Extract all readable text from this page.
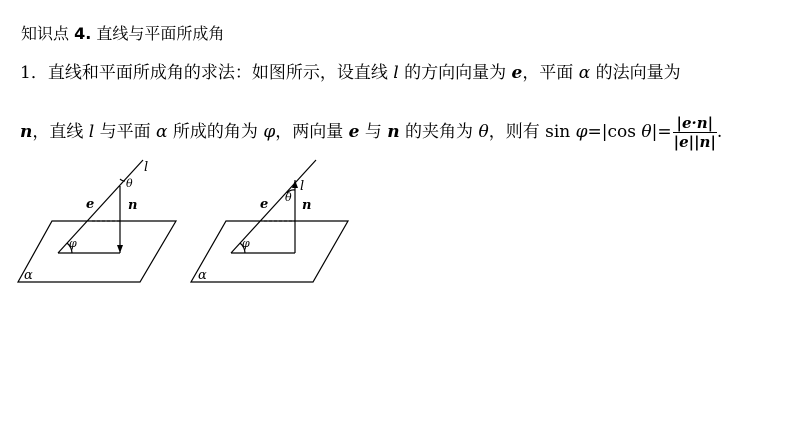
知识点 4. 直线与平面所成角
1．直线和平面所成角的求法：如图所示，设直线 l 的方向向量为 e，平面 α 的法向量为
n，直线 l 与平面 α 所成的角为 φ，两向量 e 与 n 的夹角为 θ，则有 sin φ=|cos $\theta|= \frac{|e\cdot n|}{|e||n|}$ .
l
θ
e	n
φ
α
l
θ
e	n
φ
α
